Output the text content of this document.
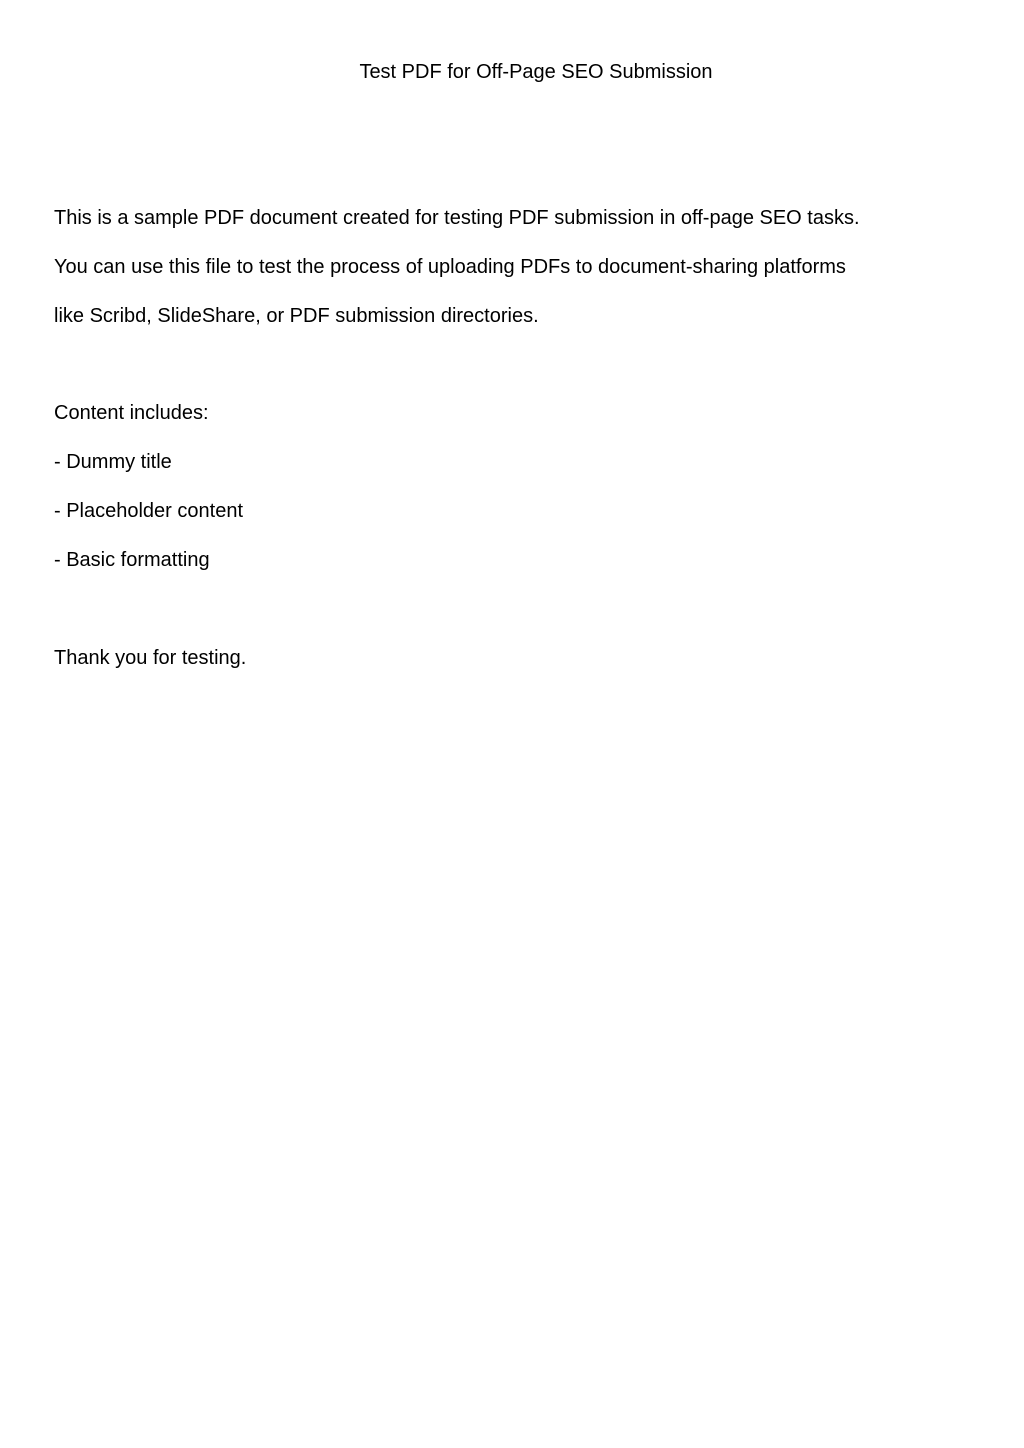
Test PDF for Off-Page SEO Submission
This is a sample PDF document created for testing PDF submission in off-page SEO tasks.
You can use this file to test the process of uploading PDFs to document-sharing platforms
like Scribd, SlideShare, or PDF submission directories.
Content includes:
- Dummy title
- Placeholder content
- Basic formatting
Thank you for testing.
